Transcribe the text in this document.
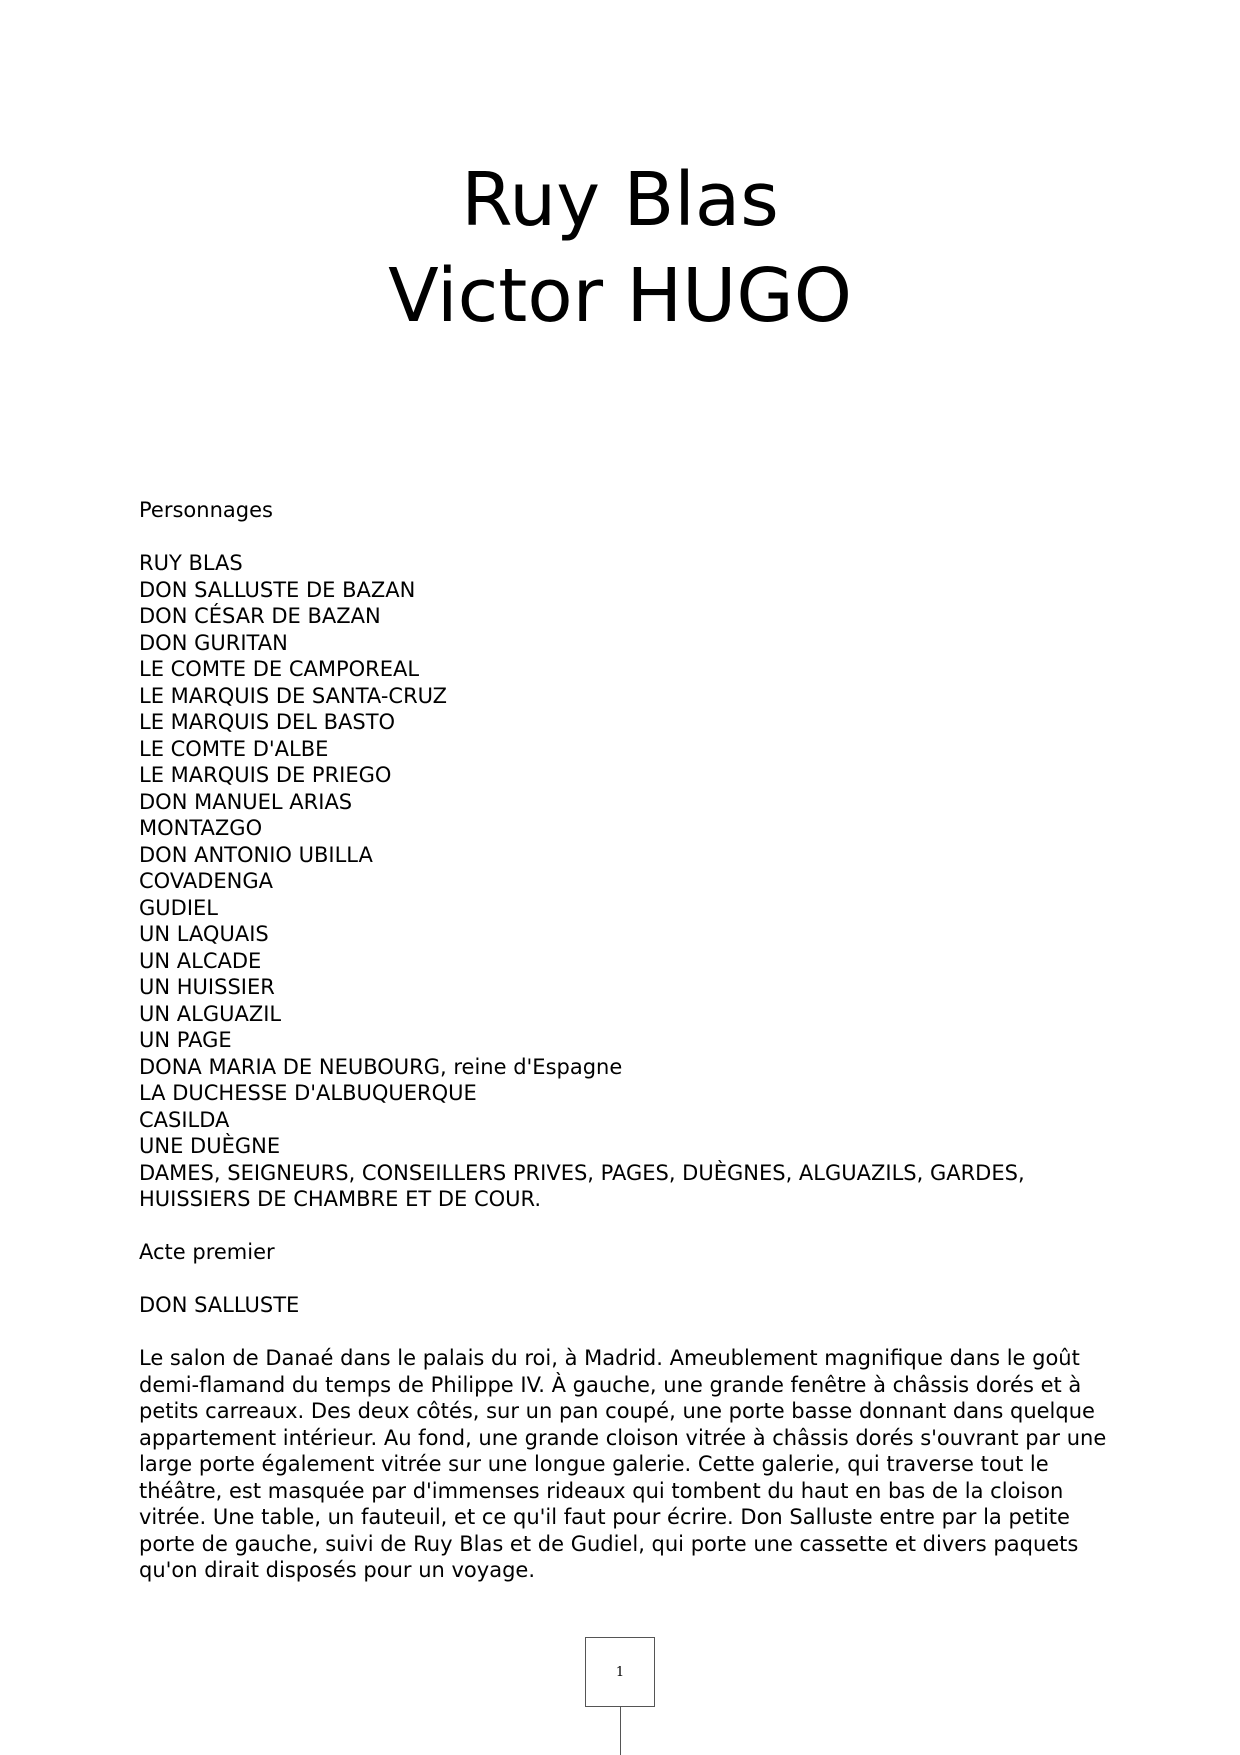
Ruy Blas
Victor HUGO

Personnages

RUY BLAS
DON SALLUSTE DE BAZAN
DON CÉSAR DE BAZAN
DON GURITAN
LE COMTE DE CAMPOREAL
LE MARQUIS DE SANTA-CRUZ
LE MARQUIS DEL BASTO
LE COMTE D'ALBE
LE MARQUIS DE PRIEGO
DON MANUEL ARIAS
MONTAZGO
DON ANTONIO UBILLA
COVADENGA
GUDIEL
UN LAQUAIS
UN ALCADE
UN HUISSIER
UN ALGUAZIL
UN PAGE
DONA MARIA DE NEUBOURG, reine d'Espagne
LA DUCHESSE D'ALBUQUERQUE
CASILDA
UNE DUÈGNE
DAMES, SEIGNEURS, CONSEILLERS PRIVES, PAGES, DUÈGNES, ALGUAZILS, GARDES, HUISSIERS DE CHAMBRE ET DE COUR.

Acte premier

DON SALLUSTE

Le salon de Danaé dans le palais du roi, à Madrid. Ameublement magnifique dans le goût demi-flamand du temps de Philippe IV. À gauche, une grande fenêtre à châssis dorés et à petits carreaux. Des deux côtés, sur un pan coupé, une porte basse donnant dans quelque appartement intérieur. Au fond, une grande cloison vitrée à châssis dorés s'ouvrant par une large porte également vitrée sur une longue galerie. Cette galerie, qui traverse tout le théâtre, est masquée par d'immenses rideaux qui tombent du haut en bas de la cloison vitrée. Une table, un fauteuil, et ce qu'il faut pour écrire. Don Salluste entre par la petite porte de gauche, suivi de Ruy Blas et de Gudiel, qui porte une cassette et divers paquets qu'on dirait disposés pour un voyage.

1
